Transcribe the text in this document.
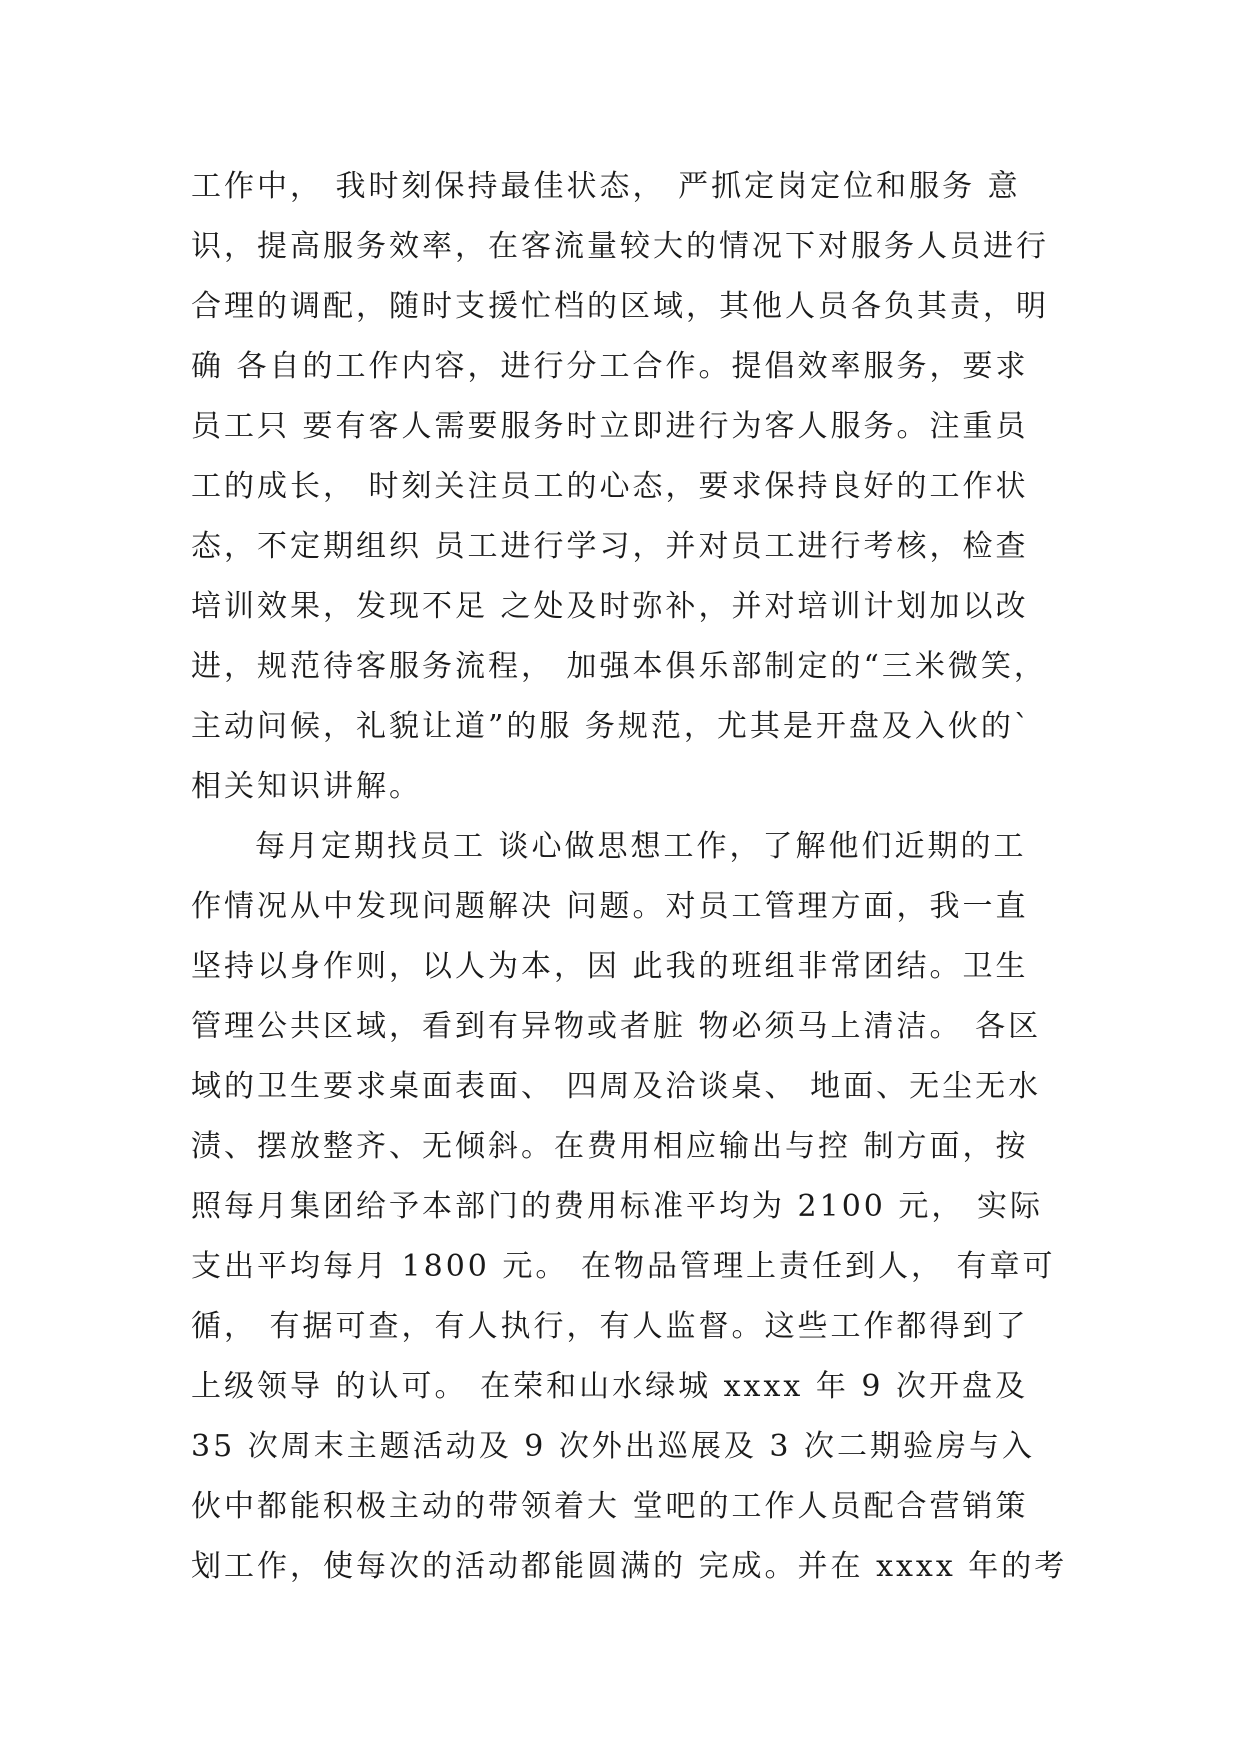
工作中， 我时刻保持最佳状态， 严抓定岗定位和服务 意
识，提高服务效率，在客流量较大的情况下对服务人员进行
合理的调配，随时支援忙档的区域，其他人员各负其责，明
确 各自的工作内容，进行分工合作。提倡效率服务，要求
员工只 要有客人需要服务时立即进行为客人服务。注重员
工的成长， 时刻关注员工的心态，要求保持良好的工作状
态，不定期组织 员工进行学习，并对员工进行考核，检查
培训效果，发现不足 之处及时弥补，并对培训计划加以改
进，规范待客服务流程， 加强本俱乐部制定的“三米微笑，
主动问候，礼貌让道”的服 务规范，尤其是开盘及入伙的`
相关知识讲解。
每月定期找员工 谈心做思想工作，了解他们近期的工
作情况从中发现问题解决 问题。对员工管理方面，我一直
坚持以身作则，以人为本，因 此我的班组非常团结。卫生
管理公共区域，看到有异物或者脏 物必须马上清洁。 各区
域的卫生要求桌面表面、 四周及洽谈桌、 地面、无尘无水
渍、摆放整齐、无倾斜。在费用相应输出与控 制方面，按
照每月集团给予本部门的费用标准平均为 2100 元， 实际
支出平均每月 1800 元。 在物品管理上责任到人， 有章可
循， 有据可查，有人执行，有人监督。这些工作都得到了
上级领导 的认可。 在荣和山水绿城 xxxx 年 9 次开盘及
35 次周末主题活动及 9 次外出巡展及 3 次二期验房与入
伙中都能积极主动的带领着大 堂吧的工作人员配合营销策
划工作，使每次的活动都能圆满的 完成。并在 xxxx 年的考
